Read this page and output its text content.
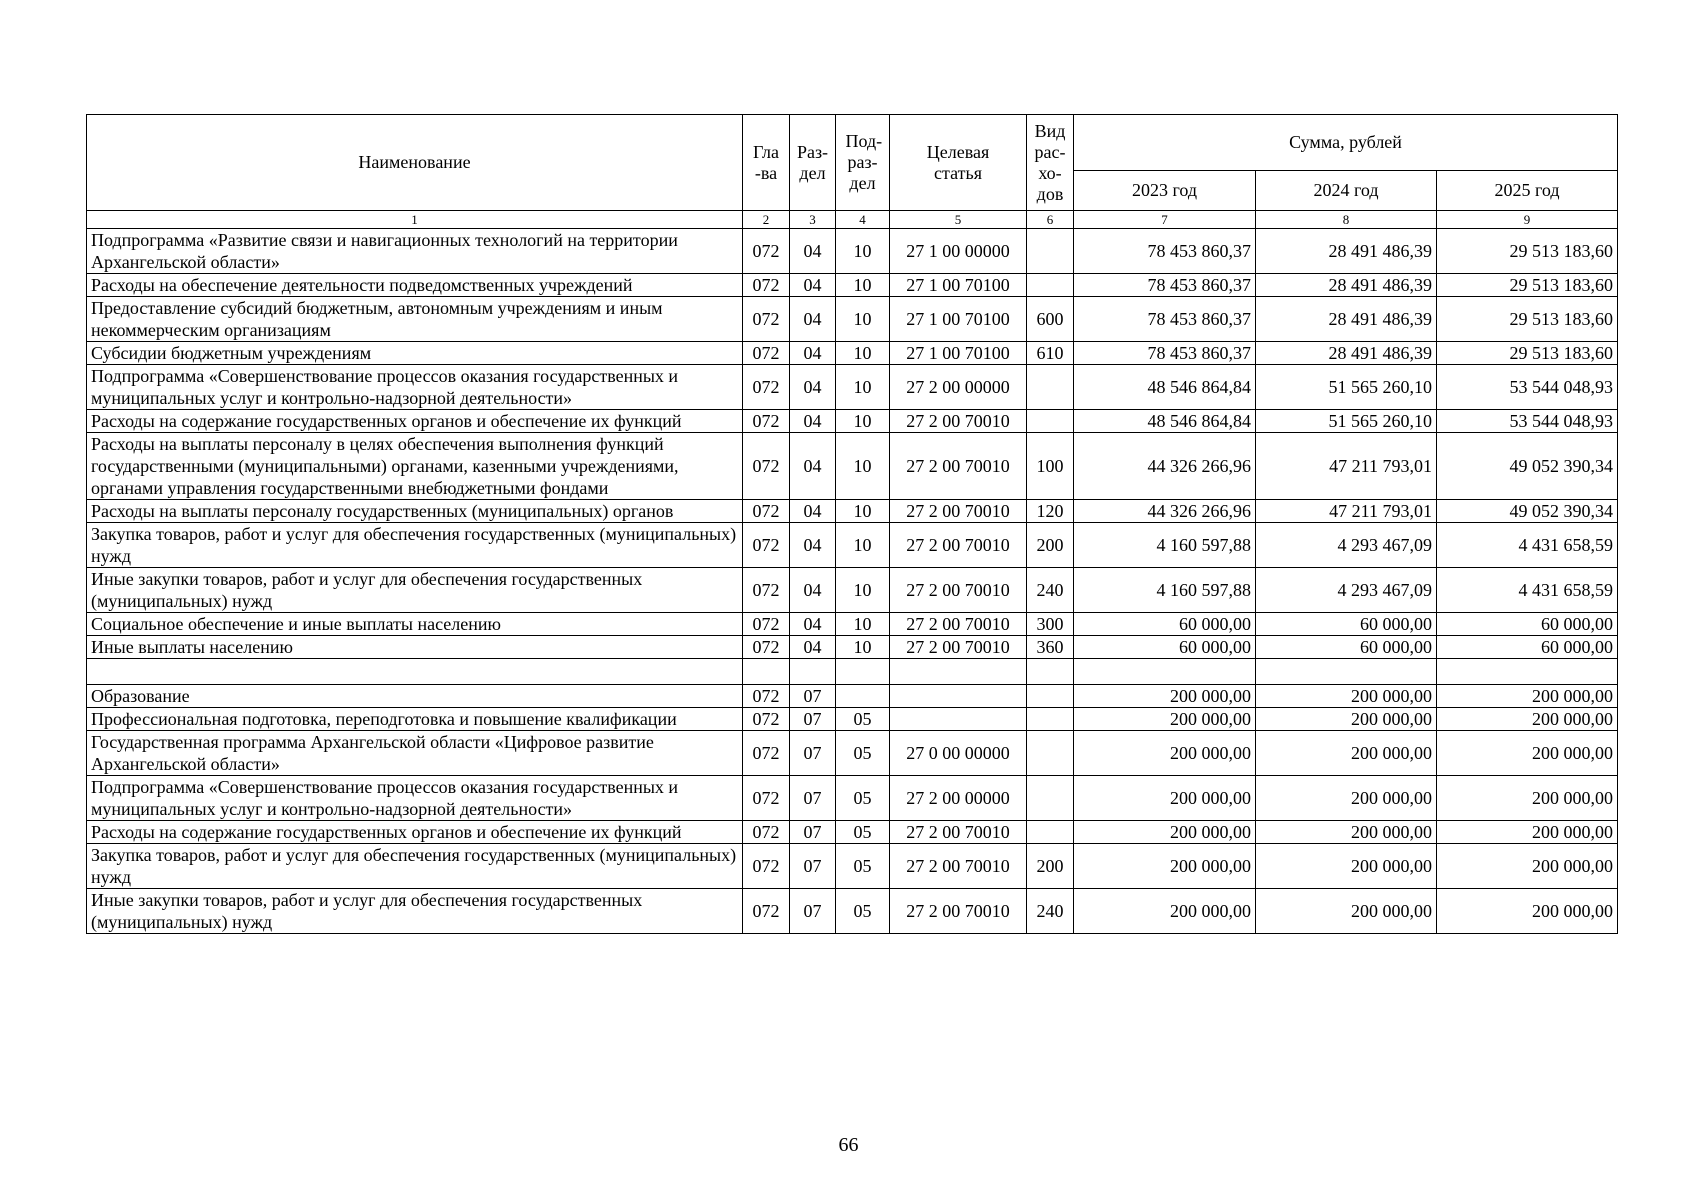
Наименование	Гла-ва	Раз-дел	Под-раз-дел	Целевая статья	Вид рас-хо-дов	Сумма, рублей		
						2023 год	2024 год	2025 год
1	2	3	4	5	6	7	8	9
Подпрограмма «Развитие связи и навигационных технологий на территории Архангельской области»	072	04	10	27 1 00 00000		78 453 860,37	28 491 486,39	29 513 183,60
Расходы на обеспечение деятельности подведомственных учреждений	072	04	10	27 1 00 70100		78 453 860,37	28 491 486,39	29 513 183,60
Предоставление субсидий бюджетным, автономным учреждениям и иным некоммерческим организациям	072	04	10	27 1 00 70100	600	78 453 860,37	28 491 486,39	29 513 183,60
Субсидии бюджетным учреждениям	072	04	10	27 1 00 70100	610	78 453 860,37	28 491 486,39	29 513 183,60
Подпрограмма «Совершенствование процессов оказания государственных и муниципальных услуг и контрольно-надзорной деятельности»	072	04	10	27 2 00 00000		48 546 864,84	51 565 260,10	53 544 048,93
Расходы на содержание государственных органов и обеспечение их функций	072	04	10	27 2 00 70010		48 546 864,84	51 565 260,10	53 544 048,93
Расходы на выплаты персоналу в целях обеспечения выполнения функций государственными (муниципальными) органами, казенными учреждениями, органами управления государственными внебюджетными фондами	072	04	10	27 2 00 70010	100	44 326 266,96	47 211 793,01	49 052 390,34
Расходы на выплаты персоналу государственных (муниципальных) органов	072	04	10	27 2 00 70010	120	44 326 266,96	47 211 793,01	49 052 390,34
Закупка товаров, работ и услуг для обеспечения государственных (муниципальных) нужд	072	04	10	27 2 00 70010	200	4 160 597,88	4 293 467,09	4 431 658,59
Иные закупки товаров, работ и услуг для обеспечения государственных (муниципальных) нужд	072	04	10	27 2 00 70010	240	4 160 597,88	4 293 467,09	4 431 658,59
Социальное обеспечение и иные выплаты населению	072	04	10	27 2 00 70010	300	60 000,00	60 000,00	60 000,00
Иные выплаты населению	072	04	10	27 2 00 70010	360	60 000,00	60 000,00	60 000,00

Образование	072	07				200 000,00	200 000,00	200 000,00
Профессиональная подготовка, переподготовка и повышение квалификации	072	07	05			200 000,00	200 000,00	200 000,00
Государственная программа Архангельской области «Цифровое развитие Архангельской области»	072	07	05	27 0 00 00000		200 000,00	200 000,00	200 000,00
Подпрограмма «Совершенствование процессов оказания государственных и муниципальных услуг и контрольно-надзорной деятельности»	072	07	05	27 2 00 00000		200 000,00	200 000,00	200 000,00
Расходы на содержание государственных органов и обеспечение их функций	072	07	05	27 2 00 70010		200 000,00	200 000,00	200 000,00
Закупка товаров, работ и услуг для обеспечения государственных (муниципальных) нужд	072	07	05	27 2 00 70010	200	200 000,00	200 000,00	200 000,00
Иные закупки товаров, работ и услуг для обеспечения государственных (муниципальных) нужд	072	07	05	27 2 00 70010	240	200 000,00	200 000,00	200 000,00
66
